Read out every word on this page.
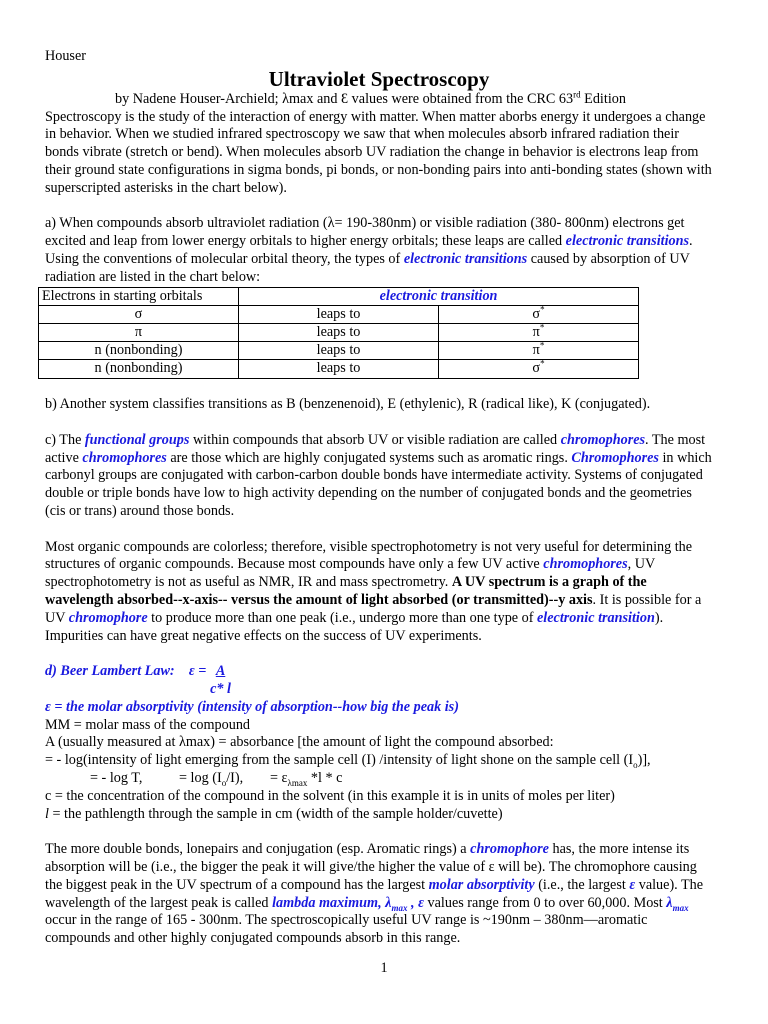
Houser

Ultraviolet Spectroscopy

by Nadene Houser-Archield; λmax and Ɛ values were obtained from the CRC 63rd Edition

Spectroscopy is the study of the interaction of energy with matter. When matter aborbs energy it undergoes a change in behavior. When we studied infrared spectroscopy we saw that when molecules absorb infrared radiation their bonds vibrate (stretch or bend). When molecules absorb UV radiation the change in behavior is electrons leap from their ground state configurations in sigma bonds, pi bonds, or non-bonding pairs into anti-bonding states (shown with superscripted asterisks in the chart below).

a) When compounds absorb ultraviolet radiation (λ= 190-380nm) or visible radiation (380- 800nm) electrons get excited and leap from lower energy orbitals to higher energy orbitals; these leaps are called electronic transitions. Using the conventions of molecular orbital theory, the types of electronic transitions caused by absorption of UV radiation are listed in the chart below:

Electrons in starting orbitals	electronic transition	
σ	leaps to	σ*
π	leaps to	π*
n (nonbonding)	leaps to	π*
n (nonbonding)	leaps to	σ*

b) Another system classifies transitions as B (benzenenoid), E (ethylenic), R (radical like), K (conjugated).

c) The functional groups within compounds that absorb UV or visible radiation are called chromophores. The most active chromophores are those which are highly conjugated systems such as aromatic rings. Chromophores in which carbonyl groups are conjugated with carbon-carbon double bonds have intermediate activity. Systems of conjugated double or triple bonds have low to high activity depending on the number of conjugated bonds and the geometries (cis or trans) around those bonds.

Most organic compounds are colorless; therefore, visible spectrophotometry is not very useful for determining the structures of organic compounds. Because most compounds have only a few UV active chromophores, UV spectrophotometry is not as useful as NMR, IR and mass spectrometry. A UV spectrum is a graph of the wavelength absorbed--x-axis-- versus the amount of light absorbed (or transmitted)--y axis. It is possible for a UV chromophore to produce more than one peak (i.e., undergo more than one type of electronic transition). Impurities can have great negative effects on the success of UV experiments.

d) Beer Lambert Law:    $\varepsilon = \frac{A}{c* l}$

ε = the molar absorptivity (intensity of absorption--how big the peak is)

MM = molar mass of the compound

A (usually measured at λmax) = absorbance [the amount of light the compound absorbed:

= - log(intensity of light emerging from the sample cell (I) /intensity of light shone on the sample cell $(I_o)$],

= - log T,	= $\log (I_o/I)$, = $\varepsilon_{\lambda max}$ *l * c

c = the concentration of the compound in the solvent (in this example it is in units of moles per liter)

l = the pathlength through the sample in cm (width of the sample holder/cuvette)

The more double bonds, lonepairs and conjugation (esp. Aromatic rings) a chromophore has, the more intense its absorption will be (i.e., the bigger the peak it will give/the higher the value of ε will be). The chromophore causing the biggest peak in the UV spectrum of a compound has the largest molar absorptivity (i.e., the largest ε value). The wavelength of the largest peak is called lambda maximum, $\lambda_{max}$ , ε values range from 0 to over 60,000. Most $\lambda_{max}$ occur in the range of 165 - 300nm. The spectroscopically useful UV range is ~190nm – 380nm—aromatic compounds and other highly conjugated compounds absorb in this range.

1
